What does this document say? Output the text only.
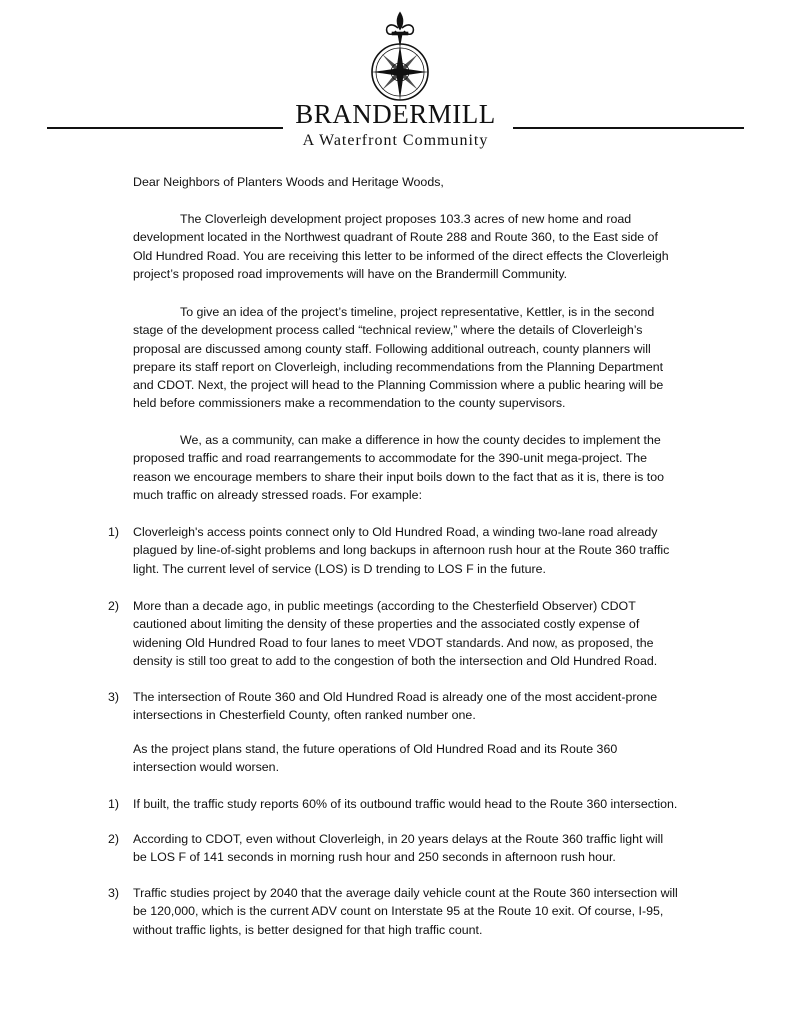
BRANDERMILL
A Waterfront Community

Dear Neighbors of Planters Woods and Heritage Woods,

The Cloverleigh development project proposes 103.3 acres of new home and road development located in the Northwest quadrant of Route 288 and Route 360, to the East side of Old Hundred Road. You are receiving this letter to be informed of the direct effects the Cloverleigh project’s proposed road improvements will have on the Brandermill Community.

To give an idea of the project’s timeline, project representative, Kettler, is in the second stage of the development process called “technical review,” where the details of Cloverleigh’s proposal are discussed among county staff. Following additional outreach, county planners will prepare its staff report on Cloverleigh, including recommendations from the Planning Department and CDOT. Next, the project will head to the Planning Commission where a public hearing will be held before commissioners make a recommendation to the county supervisors.

We, as a community, can make a difference in how the county decides to implement the proposed traffic and road rearrangements to accommodate for the 390-unit mega-project. The reason we encourage members to share their input boils down to the fact that as it is, there is too much traffic on already stressed roads. For example:

1)	Cloverleigh's access points connect only to Old Hundred Road, a winding two-lane road already plagued by line-of-sight problems and long backups in afternoon rush hour at the Route 360 traffic light. The current level of service (LOS) is D trending to LOS F in the future.

2)	More than a decade ago, in public meetings (according to the Chesterfield Observer) CDOT cautioned about limiting the density of these properties and the associated costly expense of widening Old Hundred Road to four lanes to meet VDOT standards. And now, as proposed, the density is still too great to add to the congestion of both the intersection and Old Hundred Road.

3)	The intersection of Route 360 and Old Hundred Road is already one of the most accident-prone intersections in Chesterfield County, often ranked number one.

As the project plans stand, the future operations of Old Hundred Road and its Route 360 intersection would worsen.

1)	If built, the traffic study reports 60% of its outbound traffic would head to the Route 360 intersection.

2)	According to CDOT, even without Cloverleigh, in 20 years delays at the Route 360 traffic light will be LOS F of 141 seconds in morning rush hour and 250 seconds in afternoon rush hour.

3)	Traffic studies project by 2040 that the average daily vehicle count at the Route 360 intersection will be 120,000, which is the current ADV count on Interstate 95 at the Route 10 exit. Of course, I-95, without traffic lights, is better designed for that high traffic count.
